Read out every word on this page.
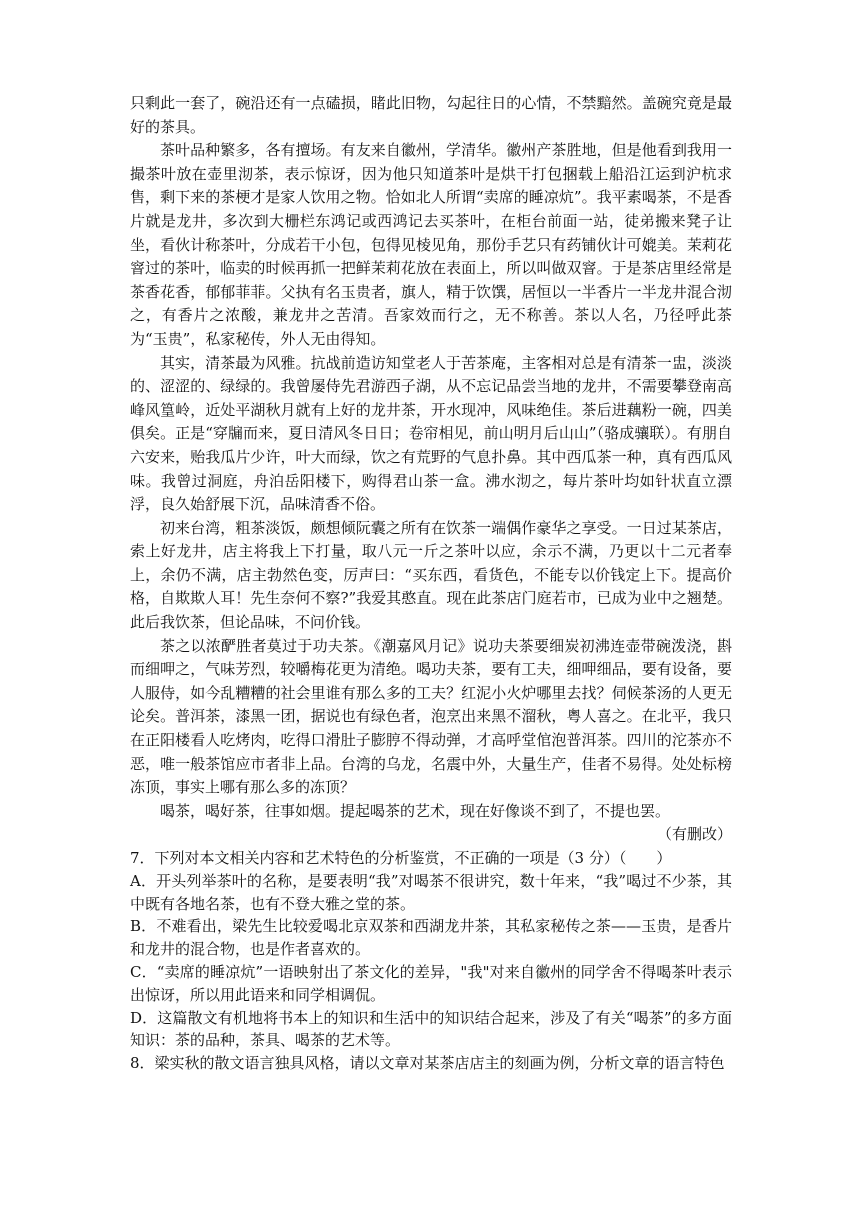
只剩此一套了，碗沿还有一点磕损，睹此旧物，勾起往日的心情，不禁黯然。盖碗究竟是最好的茶具。

茶叶品种繁多，各有擅场。有友来自徽州，学清华。徽州产茶胜地，但是他看到我用一撮茶叶放在壶里沏茶，表示惊讶，因为他只知道茶叶是烘干打包捆载上船沿江运到沪杭求售，剩下来的茶梗才是家人饮用之物。恰如北人所谓“卖席的睡凉炕”。我平素喝茶，不是香片就是龙井，多次到大栅栏东鸿记或西鸿记去买茶叶，在柜台前面一站，徒弟搬来凳子让坐，看伙计称茶叶，分成若干小包，包得见棱见角，那份手艺只有药铺伙计可媲美。茉莉花窨过的茶叶，临卖的时候再抓一把鲜茉莉花放在表面上，所以叫做双窨。于是茶店里经常是茶香花香，郁郁菲菲。父执有名玉贵者，旗人，精于饮馔，居恒以一半香片一半龙井混合沏之，有香片之浓酸，兼龙井之苦清。吾家效而行之，无不称善。茶以人名，乃径呼此茶为“玉贵”，私家秘传，外人无由得知。

其实，清茶最为风雅。抗战前造访知堂老人于苦茶庵，主客相对总是有清茶一盅，淡淡的、涩涩的、绿绿的。我曾屡侍先君游西子湖，从不忘记品尝当地的龙井，不需要攀登南高峰风篁岭，近处平湖秋月就有上好的龙井茶，开水现冲，风味绝佳。茶后进藕粉一碗，四美俱矣。正是“穿牖而来，夏日清风冬日日；卷帘相见，前山明月后山山”（骆成骧联）。有朋自六安来，贻我瓜片少许，叶大而绿，饮之有荒野的气息扑鼻。其中西瓜茶一种，真有西瓜风味。我曾过洞庭，舟泊岳阳楼下，购得君山茶一盒。沸水沏之，每片茶叶均如针状直立漂浮，良久始舒展下沉，品味清香不俗。

初来台湾，粗茶淡饭，颇想倾阮囊之所有在饮茶一端偶作豪华之享受。一日过某茶店，索上好龙井，店主将我上下打量，取八元一斤之茶叶以应，余示不满，乃更以十二元者奉上，余仍不满，店主勃然色变，厉声曰：“买东西，看货色，不能专以价钱定上下。提高价格，自欺欺人耳！先生奈何不察?”我爱其憨直。现在此茶店门庭若市，已成为业中之翘楚。此后我饮茶，但论品味，不问价钱。

茶之以浓酽胜者莫过于功夫茶。《潮嘉风月记》说功夫茶要细炭初沸连壶带碗泼浇，斟而细呷之，气味芳烈，较嚼梅花更为清绝。喝功夫茶，要有工夫，细呷细品，要有设备，要人服侍，如今乱糟糟的社会里谁有那么多的工夫？红泥小火炉哪里去找？伺候茶汤的人更无论矣。普洱茶，漆黑一团，据说也有绿色者，泡烹出来黑不溜秋，粤人喜之。在北平，我只在正阳楼看人吃烤肉，吃得口滑肚子膨脝不得动弹，才高呼堂倌泡普洱茶。四川的沱茶亦不恶，唯一般茶馆应市者非上品。台湾的乌龙，名震中外，大量生产，佳者不易得。处处标榜冻顶，事实上哪有那么多的冻顶？

喝茶，喝好茶，往事如烟。提起喝茶的艺术，现在好像谈不到了，不提也罢。

（有删改）

7．下列对本文相关内容和艺术特色的分析鉴赏，不正确的一项是（3 分）（　　）

A．开头列举茶叶的名称，是要表明“我”对喝茶不很讲究，数十年来，“我”喝过不少茶，其中既有各地名茶，也有不登大雅之堂的茶。

B．不难看出，梁先生比较爱喝北京双茶和西湖龙井茶，其私家秘传之茶——玉贵，是香片和龙井的混合物，也是作者喜欢的。

C．“卖席的睡凉炕”一语映射出了茶文化的差异，"我"对来自徽州的同学舍不得喝茶叶表示出惊讶，所以用此语来和同学相调侃。

D．这篇散文有机地将书本上的知识和生活中的知识结合起来，涉及了有关“喝茶”的多方面知识：茶的品种，茶具、喝茶的艺术等。

8．梁实秋的散文语言独具风格，请以文章对某茶店店主的刻画为例，分析文章的语言特色
